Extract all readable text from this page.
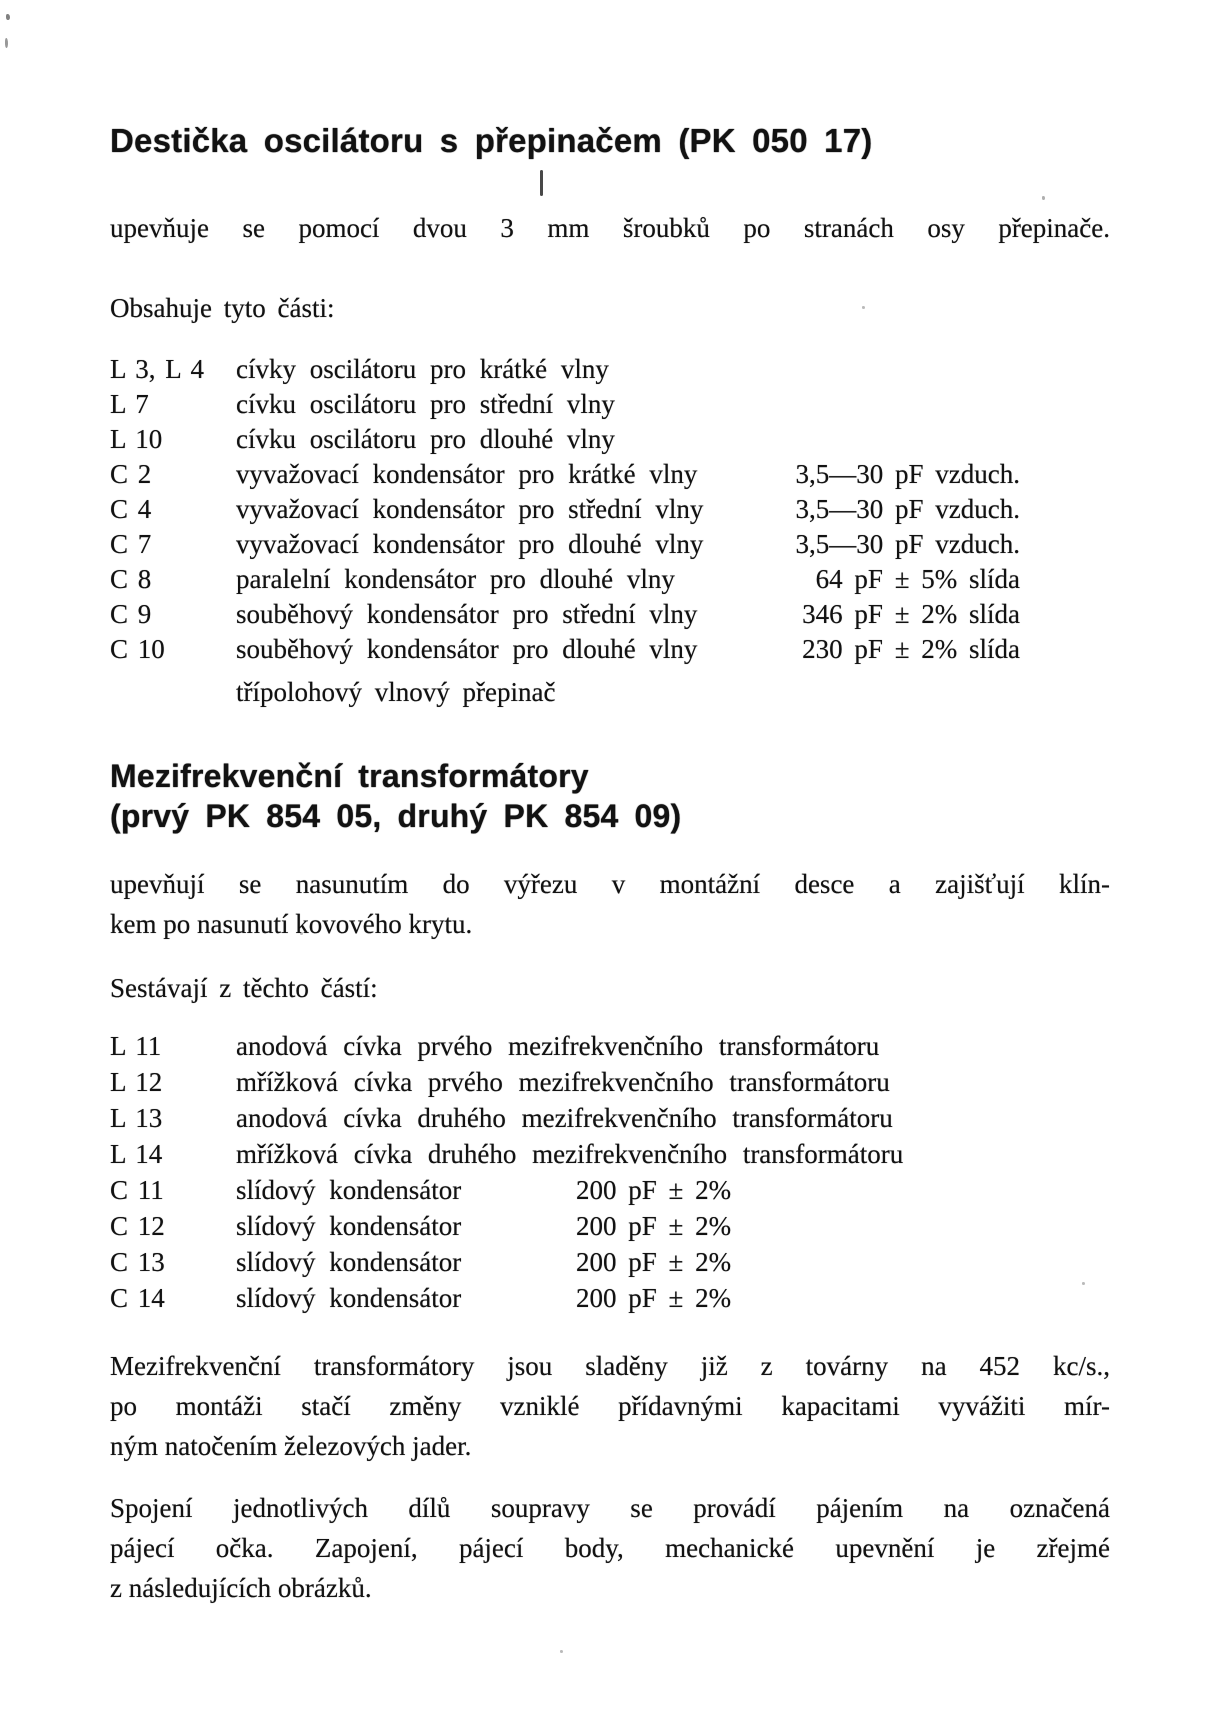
Destička oscilátoru s přepinačem (PK 050 17)
upevňuje se pomocí dvou 3 mm šroubků po stranách osy přepinače.
Obsahuje tyto části:
L 3, L 4	cívky oscilátoru pro krátké vlny
L 7	cívku oscilátoru pro střední vlny
L 10	cívku oscilátoru pro dlouhé vlny
C 2	vyvažovací kondensátor pro krátké vlny	3,5—30 pF vzduch.
C 4	vyvažovací kondensátor pro střední vlny	3,5—30 pF vzduch.
C 7	vyvažovací kondensátor pro dlouhé vlny	3,5—30 pF vzduch.
C 8	paralelní kondensátor pro dlouhé vlny	64 pF ± 5% slída
C 9	souběhový kondensátor pro střední vlny	346 pF ± 2% slída
C 10	souběhový kondensátor pro dlouhé vlny	230 pF ± 2% slída
třípolohový vlnový přepinač
Mezifrekvenční transformátory
(prvý PK 854 05, druhý PK 854 09)
upevňují se nasunutím do výřezu v montážní desce a zajišťují klín-
kem po nasunutí kovového krytu.
Sestávají z těchto částí:
L 11	anodová cívka prvého mezifrekvenčního transformátoru
L 12	mřížková cívka prvého mezifrekvenčního transformátoru
L 13	anodová cívka druhého mezifrekvenčního transformátoru
L 14	mřížková cívka druhého mezifrekvenčního transformátoru
C 11	slídový kondensátor	200 pF ± 2%
C 12	slídový kondensátor	200 pF ± 2%
C 13	slídový kondensátor	200 pF ± 2%
C 14	slídový kondensátor	200 pF ± 2%
Mezifrekvenční transformátory jsou sladěny již z továrny na 452 kc/s.,
po montáži stačí změny vzniklé přídavnými kapacitami vyvážiti mír-
ným natočením železových jader.
Spojení jednotlivých dílů soupravy se provádí pájením na označená
pájecí očka. Zapojení, pájecí body, mechanické upevnění je zřejmé
z následujících obrázků.
